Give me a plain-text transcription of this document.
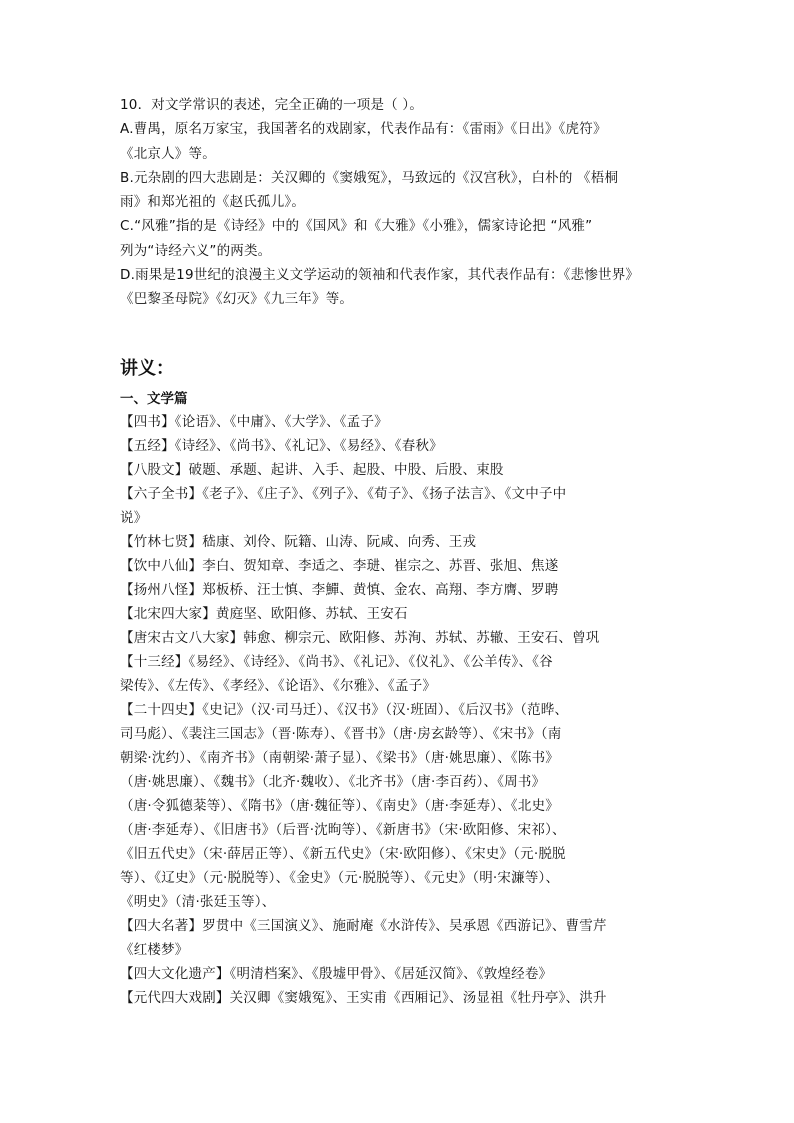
10．对文学常识的表述，完全正确的一项是（ ）。
A.曹禺，原名万家宝，我国著名的戏剧家，代表作品有：《雷雨》《日出》《虎符》
《北京人》等。
B.元杂剧的四大悲剧是：关汉卿的《窦娥冤》，马致远的《汉宫秋》，白朴的 《梧桐
雨》和郑光祖的《赵氏孤儿》。
C.“风雅”指的是《诗经》中的《国风》和《大雅》《小雅》，儒家诗论把 “风雅”
列为“诗经六义”的两类。
D.雨果是19世纪的浪漫主义文学运动的领袖和代表作家，其代表作品有：《悲惨世界》
《巴黎圣母院》《幻灭》《九三年》等。
讲义：
一、文学篇
【四书】《论语》、《中庸》、《大学》、《孟子》
【五经】《诗经》、《尚书》、《礼记》、《易经》、《春秋》
【八股文】破题、承题、起讲、入手、起股、中股、后股、束股
【六子全书】《老子》、《庄子》、《列子》、《荀子》、《扬子法言》、《文中子中
说》
【竹林七贤】嵇康、刘伶、阮籍、山涛、阮咸、向秀、王戎
【饮中八仙】李白、贺知章、李适之、李琎、崔宗之、苏晋、张旭、焦遂
【扬州八怪】郑板桥、汪士慎、李鱓、黄慎、金农、高翔、李方膺、罗聘
【北宋四大家】黄庭坚、欧阳修、苏轼、王安石
【唐宋古文八大家】韩愈、柳宗元、欧阳修、苏洵、苏轼、苏辙、王安石、曾巩
【十三经】《易经》、《诗经》、《尚书》、《礼记》、《仪礼》、《公羊传》、《谷
梁传》、《左传》、《孝经》、《论语》、《尔雅》、《孟子》
【二十四史】《史记》（汉·司马迁）、《汉书》（汉·班固）、《后汉书》（范晔、
司马彪）、《裴注三国志》（晋·陈寿）、《晋书》（唐·房玄龄等）、《宋书》（南
朝梁·沈约）、《南齐书》（南朝梁·萧子显）、《梁书》（唐·姚思廉）、《陈书》
（唐·姚思廉）、《魏书》（北齐·魏收）、《北齐书》（唐·李百药）、《周书》
（唐·令狐德棻等）、《隋书》（唐·魏征等）、《南史》（唐·李延寿）、《北史》
（唐·李延寿）、《旧唐书》（后晋·沈昫等）、《新唐书》（宋·欧阳修、宋祁）、
《旧五代史》（宋·薛居正等）、《新五代史》（宋·欧阳修）、《宋史》（元·脱脱
等）、《辽史》（元·脱脱等）、《金史》（元·脱脱等）、《元史》（明·宋濂等）、
《明史》（清·张廷玉等）、
【四大名著】罗贯中《三国演义》、施耐庵《水浒传》、吴承恩《西游记》、曹雪芹
《红楼梦》
【四大文化遗产】《明清档案》、《殷墟甲骨》、《居延汉简》、《敦煌经卷》
【元代四大戏剧】关汉卿《窦娥冤》、王实甫《西厢记》、汤显祖《牡丹亭》、洪升
